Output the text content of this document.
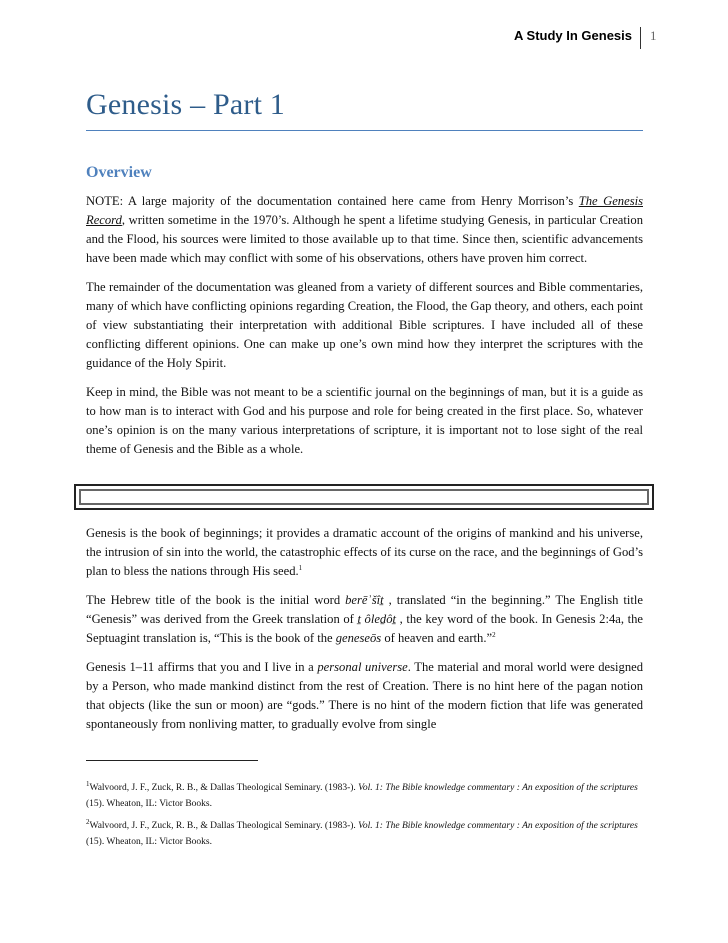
A Study In Genesis 1
Genesis – Part 1
Overview

NOTE: A large majority of the documentation contained here came from Henry Morrison’s The Genesis Record, written sometime in the 1970’s. Although he spent a lifetime studying Genesis, in particular Creation and the Flood, his sources were limited to those available up to that time. Since then, scientific advancements have been made which may conflict with some of his observations, others have proven him correct.

The remainder of the documentation was gleaned from a variety of different sources and Bible commentaries, many of which have conflicting opinions regarding Creation, the Flood, the Gap theory, and others, each point of view substantiating their interpretation with additional Bible scriptures. I have included all of these conflicting different opinions. One can make up one’s own mind how they interpret the scriptures with the guidance of the Holy Spirit.

Keep in mind, the Bible was not meant to be a scientific journal on the beginnings of man, but it is a guide as to how man is to interact with God and his purpose and role for being created in the first place. So, whatever one’s opinion is on the many various interpretations of scripture, it is important not to lose sight of the real theme of Genesis and the Bible as a whole.

Genesis is the book of beginnings; it provides a dramatic account of the origins of mankind and his universe, the intrusion of sin into the world, the catastrophic effects of its curse on the race, and the beginnings of God’s plan to bless the nations through His seed.$^1$

The Hebrew title of the book is the initial word berēʾšîṯ , translated “in the beginning.” The English title “Genesis” was derived from the Greek translation of ṯ ôleḏôṯ , the key word of the book. In Genesis 2:4a, the Septuagint translation is, “This is the book of the geneseōs of heaven and earth.”$^2$

Genesis 1–11 affirms that you and I live in a personal universe. The material and moral world were designed by a Person, who made mankind distinct from the rest of Creation. There is no hint here of the pagan notion that objects (like the sun or moon) are “gods.” There is no hint of the modern fiction that life was generated spontaneously from nonliving matter, to gradually evolve from single

$^1$Walvoord, J. F., Zuck, R. B., & Dallas Theological Seminary. (1983-). Vol. 1: The Bible knowledge commentary : An exposition of the scriptures (15). Wheaton, IL: Victor Books.
$^2$Walvoord, J. F., Zuck, R. B., & Dallas Theological Seminary. (1983-). Vol. 1: The Bible knowledge commentary : An exposition of the scriptures (15). Wheaton, IL: Victor Books.
